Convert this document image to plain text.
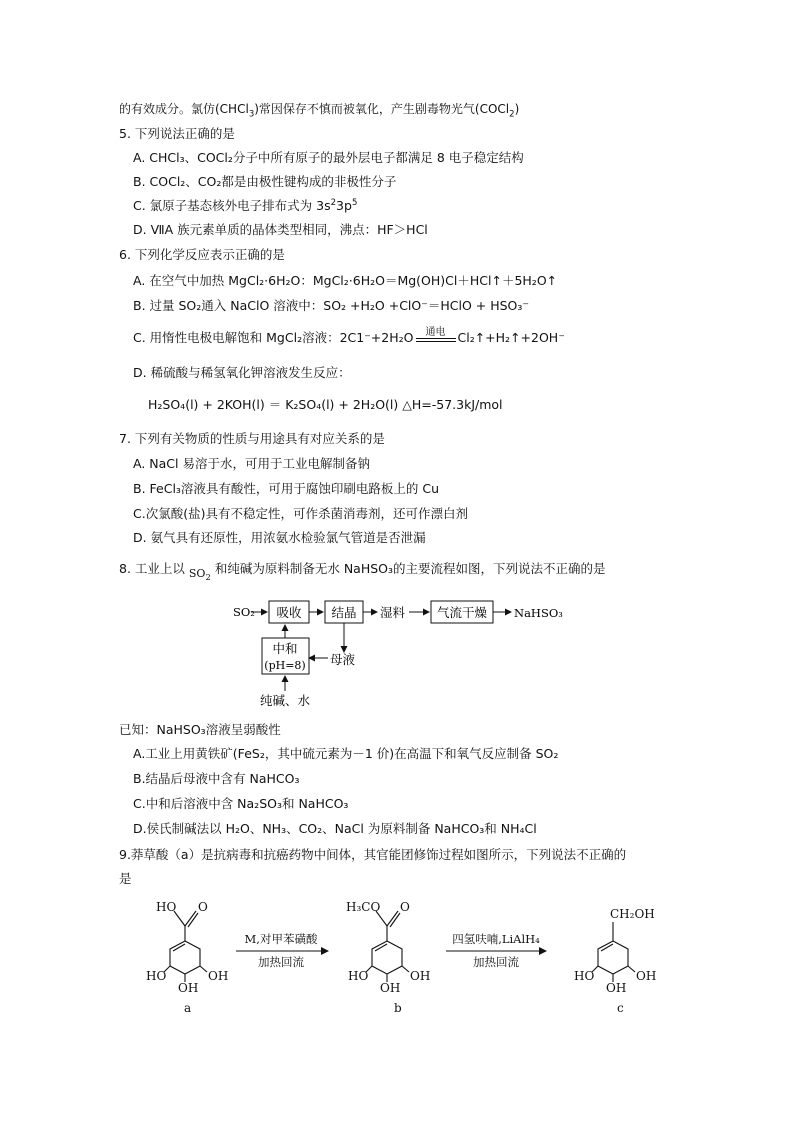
的有效成分。氯仿(CHCl$_3$)常因保存不慎而被氧化，产生剧毒物光气(COCl$_2$)
5. 下列说法正确的是
A. CHCl₃、COCl₂分子中所有原子的最外层电子都满足 8 电子稳定结构
B. COCl₂、CO₂都是由极性键构成的非极性分子
C. 氯原子基态核外电子排布式为 $3s^23p^5$
D. ⅦA 族元素单质的晶体类型相同，沸点：HF＞HCl
6. 下列化学反应表示正确的是
A. 在空气中加热 MgCl₂·6H₂O：MgCl₂·6H₂O＝Mg(OH)Cl＋HCl↑＋5H₂O↑
B. 过量 SO₂通入 NaClO 溶液中：SO₂ +H₂O +ClO⁻＝HClO + HSO₃⁻
C. 用惰性电极电解饱和 MgCl₂溶液：2C1⁻+2H₂O	通电 Cl₂↑+H₂↑+2OH⁻
D. 稀硫酸与稀氢氧化钾溶液发生反应：
H₂SO₄(l) + 2KOH(l) ＝ K₂SO₄(l) + 2H₂O(l) △H=-57.3kJ/mol
7. 下列有关物质的性质与用途具有对应关系的是
A. NaCl 易溶于水，可用于工业电解制备钠
B. FeCl₃溶液具有酸性，可用于腐蚀印刷电路板上的 Cu
C.次氯酸(盐)具有不稳定性，可作杀菌消毒剂，还可作漂白剂
D. 氨气具有还原性，用浓氨水检验氯气管道是否泄漏
8. 工业上以 $SO_2$ 和纯碱为原料制备无水 NaHSO₃的主要流程如图，下列说法不正确的是
SO₂ 吸收 结晶 湿料	气流干燥 NaHSO₃
母液
中和
(pH=8)
纯碱、水
已知：NaHSO₃溶液呈弱酸性
A.工业上用黄铁矿(FeS₂，其中硫元素为－1 价)在高温下和氧气反应制备 SO₂
B.结晶后母液中含有 NaHCO₃
C.中和后溶液中含 Na₂SO₃和 NaHCO₃
D.侯氏制碱法以 H₂O、NH₃、CO₂、NaCl 为原料制备 NaHCO₃和 NH₄Cl
9.莽草酸（a）是抗病毒和抗癌药物中间体，其官能团修饰过程如图所示，下列说法不正确的
是
HO O
HO
OH
OH
a
M,对甲苯磺酸
加热回流
H₃CO O
HO
OH
OH
b
四氢呋喃,LiAlH₄
加热回流
CH₂OH
HO
OH
OH
c
